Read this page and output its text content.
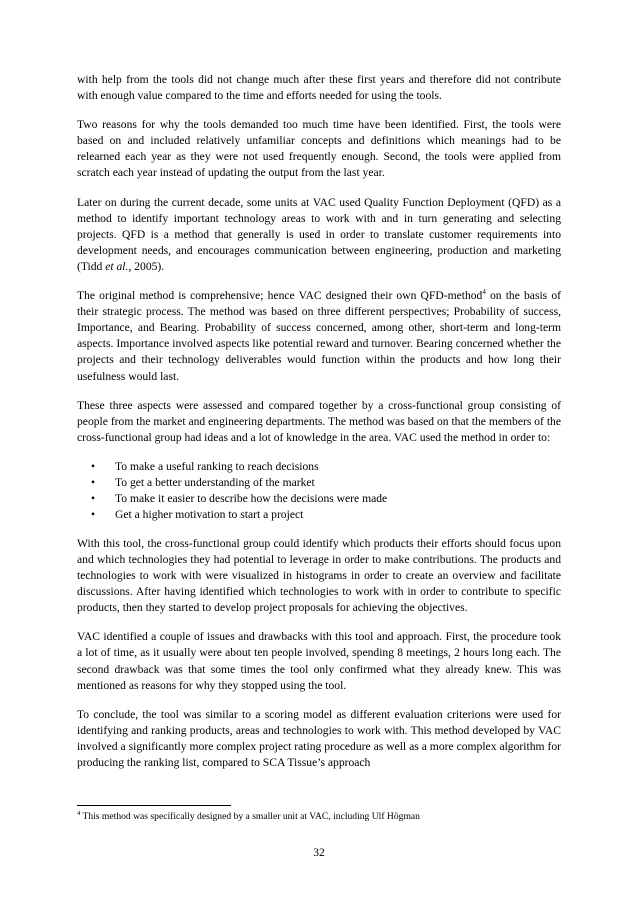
with help from the tools did not change much after these first years and therefore did not contribute with enough value compared to the time and efforts needed for using the tools.

Two reasons for why the tools demanded too much time have been identified. First, the tools were based on and included relatively unfamiliar concepts and definitions which meanings had to be relearned each year as they were not used frequently enough. Second, the tools were applied from scratch each year instead of updating the output from the last year.

Later on during the current decade, some units at VAC used Quality Function Deployment (QFD) as a method to identify important technology areas to work with and in turn generating and selecting projects. QFD is a method that generally is used in order to translate customer requirements into development needs, and encourages communication between engineering, production and marketing (Tidd et al., 2005).

The original method is comprehensive; hence VAC designed their own QFD-method$^4$ on the basis of their strategic process. The method was based on three different perspectives; Probability of success, Importance, and Bearing. Probability of success concerned, among other, short-term and long-term aspects. Importance involved aspects like potential reward and turnover. Bearing concerned whether the projects and their technology deliverables would function within the products and how long their usefulness would last.

These three aspects were assessed and compared together by a cross-functional group consisting of people from the market and engineering departments. The method was based on that the members of the cross-functional group had ideas and a lot of knowledge in the area. VAC used the method in order to:

• To make a useful ranking to reach decisions
• To get a better understanding of the market
• To make it easier to describe how the decisions were made
• Get a higher motivation to start a project

With this tool, the cross-functional group could identify which products their efforts should focus upon and which technologies they had potential to leverage in order to make contributions. The products and technologies to work with were visualized in histograms in order to create an overview and facilitate discussions. After having identified which technologies to work with in order to contribute to specific products, then they started to develop project proposals for achieving the objectives.

VAC identified a couple of issues and drawbacks with this tool and approach. First, the procedure took a lot of time, as it usually were about ten people involved, spending 8 meetings, 2 hours long each. The second drawback was that some times the tool only confirmed what they already knew. This was mentioned as reasons for why they stopped using the tool.

To conclude, the tool was similar to a scoring model as different evaluation criterions were used for identifying and ranking products, areas and technologies to work with. This method developed by VAC involved a significantly more complex project rating procedure as well as a more complex algorithm for producing the ranking list, compared to SCA Tissue’s approach

$^4$ This method was specifically designed by a smaller unit at VAC, including Ulf Högman
32
